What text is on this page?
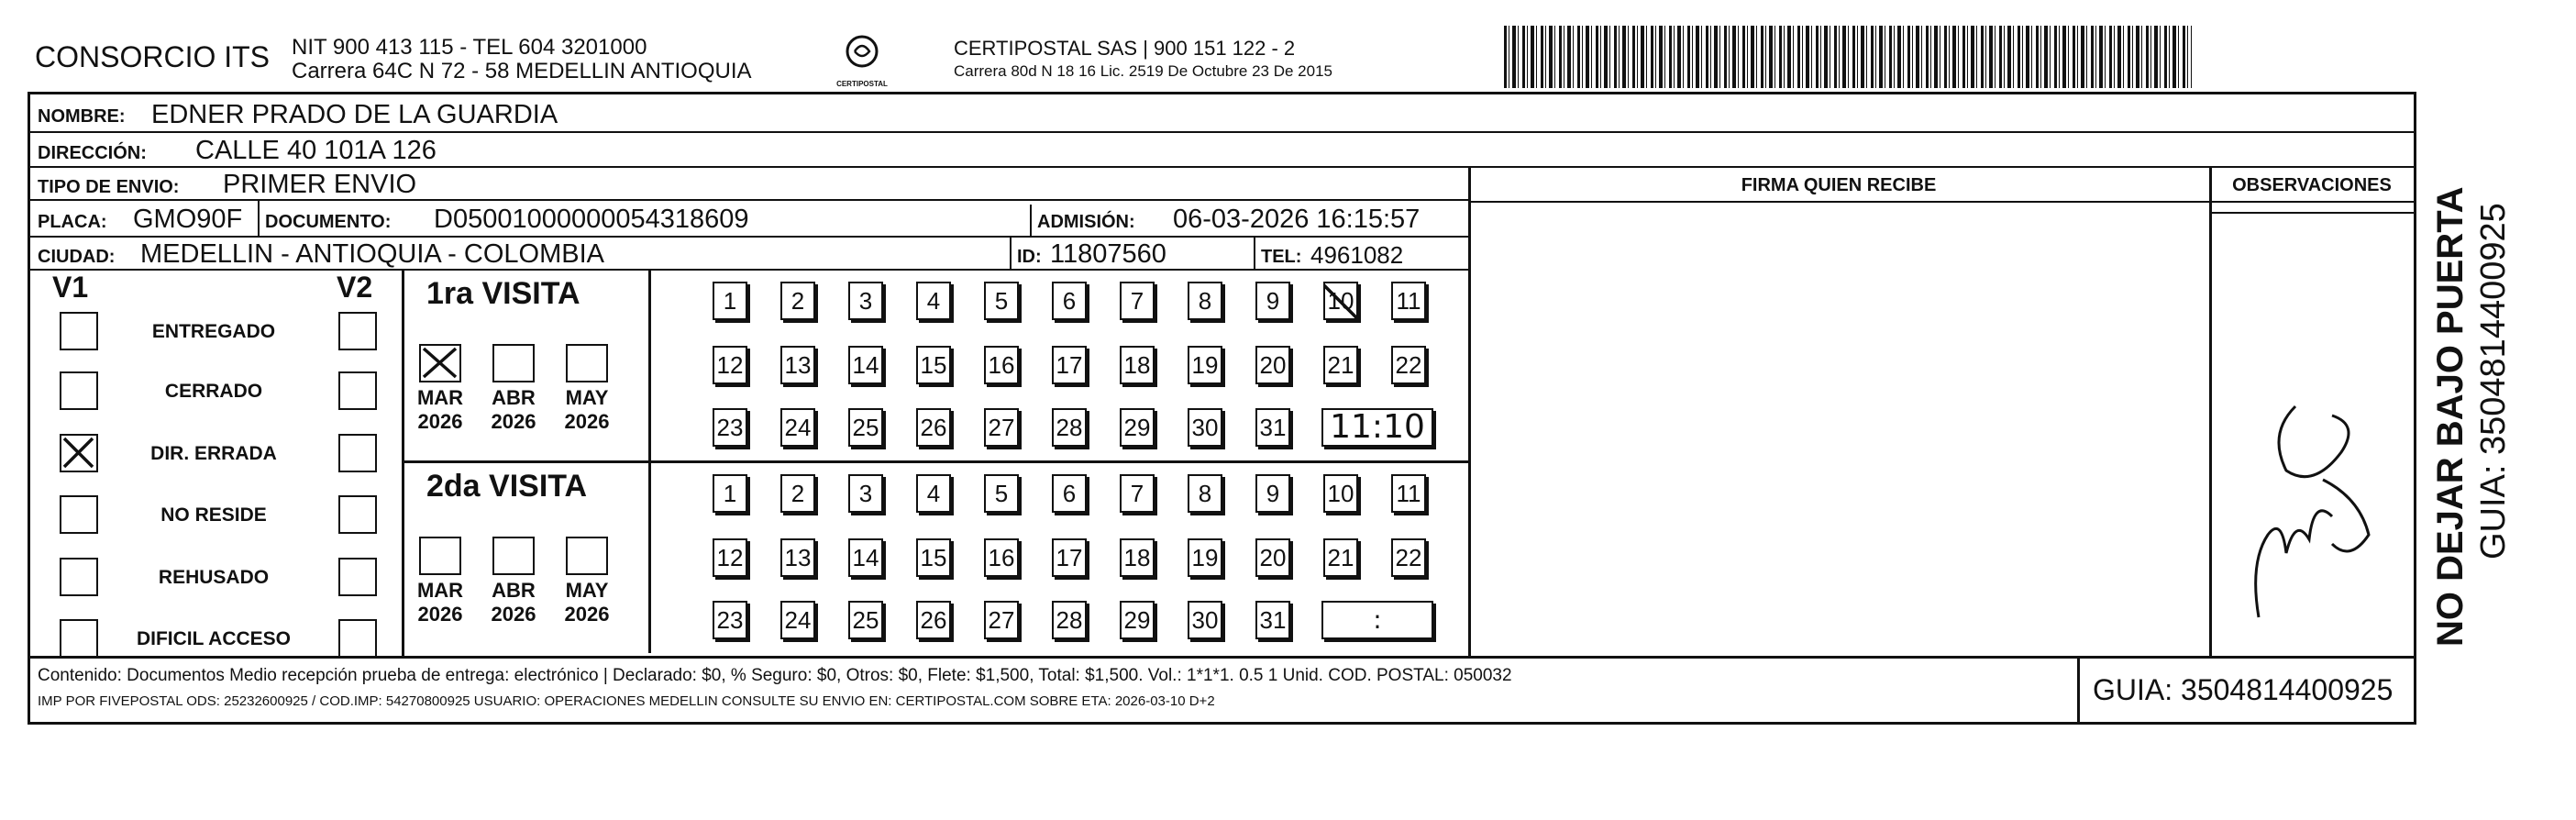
CONSORCIO ITS NIT 900 413 115 - TEL 604 3201000
Carrera 64C N 72 - 58 MEDELLIN ANTIOQUIA
CERTIPOSTAL
CERTIPOSTAL SAS | 900 151 122 - 2
Carrera 80d N 18 16 Lic. 2519 De Octubre 23 De 2015
NOMBRE: EDNER PRADO DE LA GUARDIA
DIRECCIÓN: CALLE 40 101A 126
TIPO DE ENVIO: PRIMER ENVIO
PLACA: GMO90F DOCUMENTO: D05001000000054318609	ADMISIÓN: 06-03-2026 16:15:57
CIUDAD: MEDELLIN - ANTIOQUIA - COLOMBIA	ID: 11807560	TEL: 4961082
FIRMA QUIEN RECIBE	OBSERVACIONES
V1	V2
ENTREGADO
CERRADO
DIR. ERRADA
NO RESIDE
REHUSADO
DIFICIL ACCESO
1ra VISITA
MAR
2026
ABR
2026
MAY
2026
1	2	3	4	5	6	7	8	9	10 11
12 13 14 15 16 17 18 19 20 21 22
23 24 25 26 27 28 29 30 31 11:10
2da VISITA
MAR
2026
ABR
2026
MAY
2026
1	2	3	4	5	6	7	8	9	10 11
12 13 14 15 16 17 18 19 20 21 22
23 24 25 26 27 28 29 30 31	:
Contenido: Documentos Medio recepción prueba de entrega: electrónico | Declarado: $0, % Seguro: $0, Otros: $0, Flete: $1,500, Total: $1,500. Vol.: 1*1*1. 0.5 1 Unid. COD. POSTAL: 050032
IMP POR FIVEPOSTAL ODS: 25232600925 / COD.IMP: 54270800925 USUARIO: OPERACIONES MEDELLIN CONSULTE SU ENVIO EN: CERTIPOSTAL.COM SOBRE ETA: 2026-03-10 D+2	GUIA: 3504814400925
NO DEJAR BAJO PUERTA GUIA: 3504814400925
